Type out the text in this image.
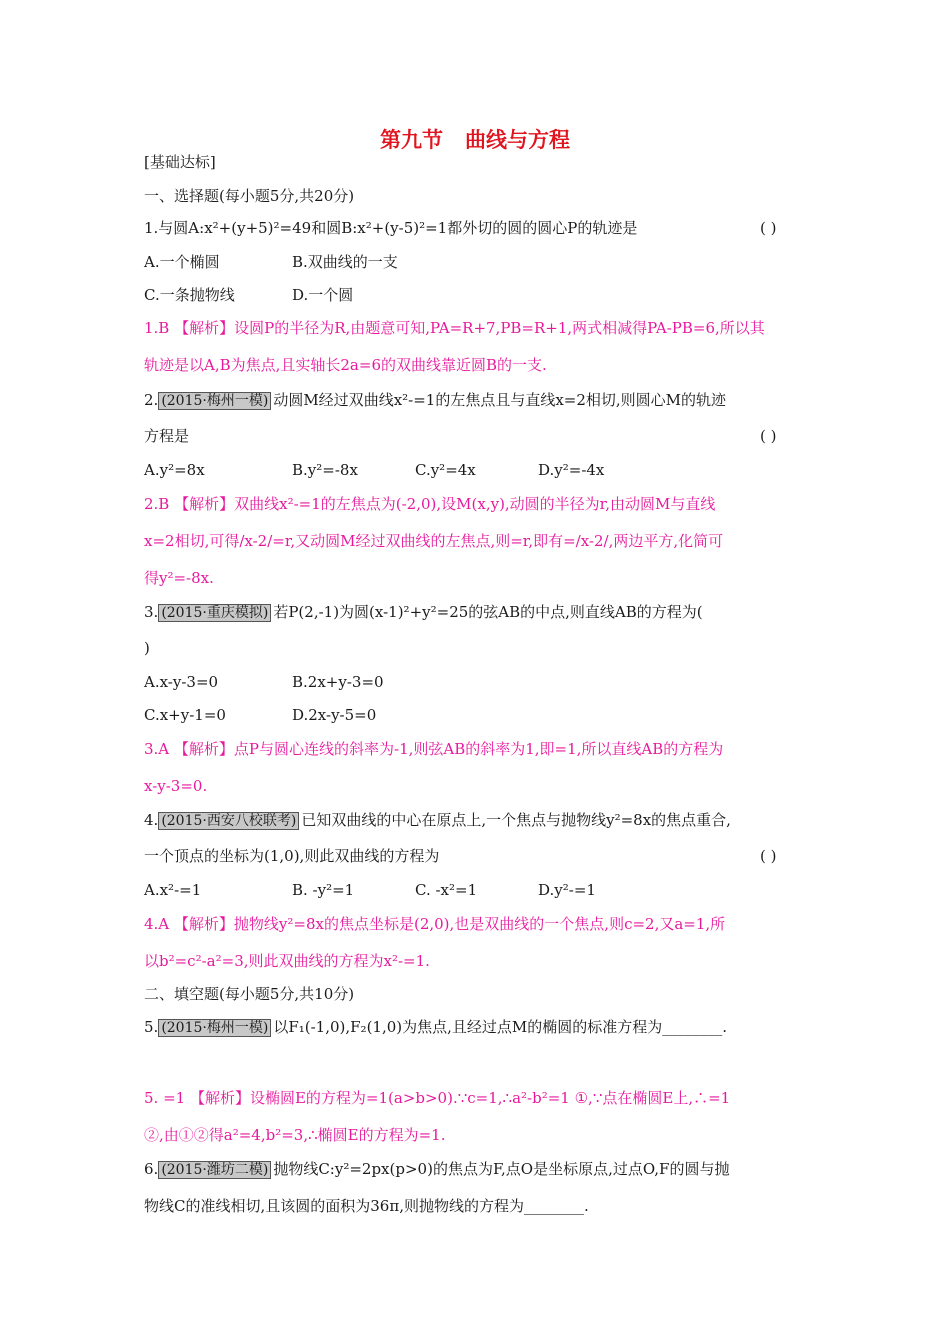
第九节 曲线与方程
[基础达标]
一、选择题(每小题5分,共20分)
1.与圆A:x²+(y+5)²=49和圆B:x²+(y-5)²=1都外切的圆的圆心P的轨迹是	( )
A.一个椭圆	B.双曲线的一支
C.一条抛物线	D.一个圆
1.B 【解析】设圆P的半径为R,由题意可知,PA=R+7,PB=R+1,两式相减得PA-PB=6,所以其
轨迹是以A,B为焦点,且实轴长2a=6的双曲线靠近圆B的一支.
2. (2015·梅州一模) 动圆M经过双曲线x²-=1的左焦点且与直线x=2相切,则圆心M的轨迹
方程是	( )
A.y²=8x	B.y²=-8x	C.y²=4x	D.y²=-4x
2.B 【解析】双曲线x²-=1的左焦点为(-2,0),设M(x,y),动圆的半径为r,由动圆M与直线
x=2相切,可得/x-2/=r,又动圆M经过双曲线的左焦点,则=r,即有=/x-2/,两边平方,化简可
得y²=-8x.
3. (2015·重庆模拟) 若P(2,-1)为圆(x-1)²+y²=25的弦AB的中点,则直线AB的方程为(
)
A.x-y-3=0	B.2x+y-3=0
C.x+y-1=0	D.2x-y-5=0
3.A 【解析】点P与圆心连线的斜率为-1,则弦AB的斜率为1,即=1,所以直线AB的方程为
x-y-3=0.
4. (2015·西安八校联考) 已知双曲线的中心在原点上,一个焦点与抛物线y²=8x的焦点重合,
一个顶点的坐标为(1,0),则此双曲线的方程为	( )
A.x²-=1	B. -y²=1	C. -x²=1	D.y²-=1
4.A 【解析】抛物线y²=8x的焦点坐标是(2,0),也是双曲线的一个焦点,则c=2,又a=1,所
以b²=c²-a²=3,则此双曲线的方程为x²-=1.
二、填空题(每小题5分,共10分)
5. (2015·梅州一模) 以F₁(-1,0),F₂(1,0)为焦点,且经过点M的椭圆的标准方程为________.
5. =1 【解析】设椭圆E的方程为=1(a>b>0).∵c=1,∴a²-b²=1 ①,∵点在椭圆E上,∴=1
②,由①②得a²=4,b²=3,∴椭圆E的方程为=1.
6. (2015·潍坊二模) 抛物线C:y²=2px(p>0)的焦点为F,点O是坐标原点,过点O,F的圆与抛
物线C的准线相切,且该圆的面积为36π,则抛物线的方程为________.
